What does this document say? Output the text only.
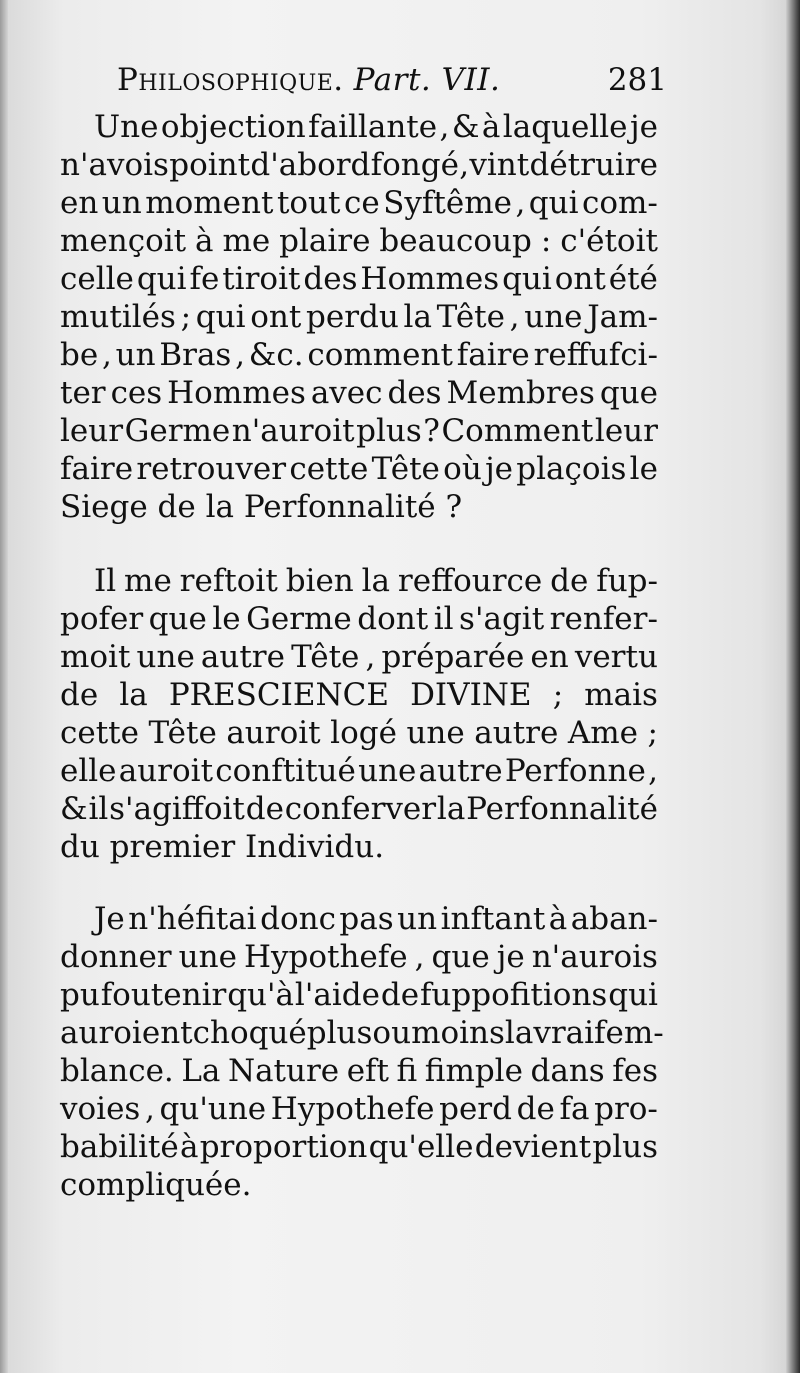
Philosophique. Part. VII.	281
Une objection faillante , & à laquelle je
n'avois point d'abord fongé , vint détruire
en un moment tout ce Syftême , qui com-
mençoit à me plaire beaucoup : c'étoit
celle qui fe tiroit des Hommes qui ont été
mutilés ; qui ont perdu la Tête , une Jam-
be , un Bras , &c. comment faire reffufci-
ter ces Hommes avec des Membres que
leur Germe n'auroit plus ? Comment leur
faire retrouver cette Tête où je plaçois le
Siege de la Perfonnalité ?
Il me reftoit bien la reffource de fup-
pofer que le Germe dont il s'agit renfer-
moit une autre Tête , préparée en vertu
de la PRESCIENCE DIVINE ; mais
cette Tête auroit logé une autre Ame ;
elle auroit conftitué une autre Perfonne ,
& il s'agiffoit de conferver la Perfonnalité
du premier Individu.
Je n'héfitai donc pas un inftant à aban-
donner une Hypothefe , que je n'aurois
pu foutenir qu'à l'aide de fuppofitions qui
auroient choqué plus ou moins la vraifem-
blance. La Nature eft fi fimple dans fes
voies , qu'une Hypothefe perd de fa pro-
babilité à proportion qu'elle devient plus
compliquée.
